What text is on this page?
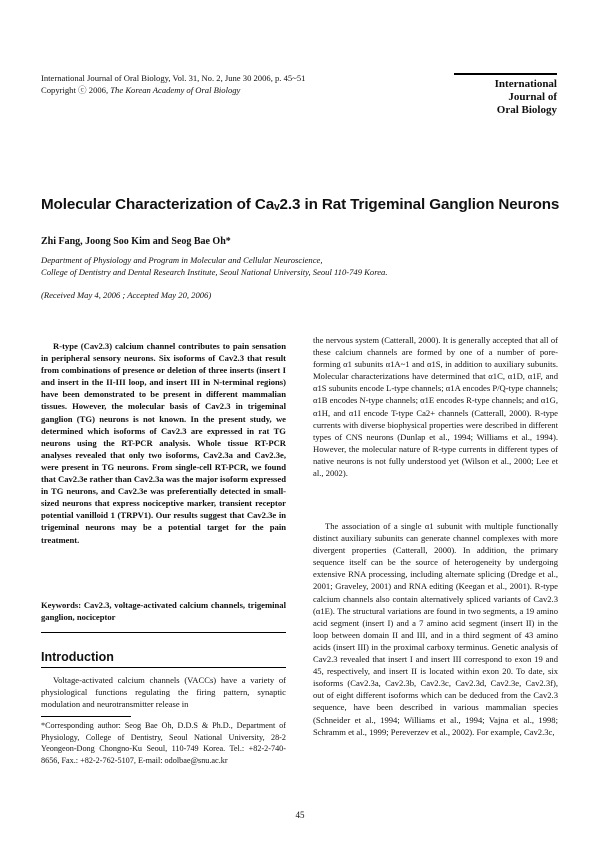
International Journal of Oral Biology, Vol. 31, No. 2, June 30 2006, p. 45~51
Copyright ⓒ 2006, The Korean Academy of Oral Biology	International
Journal of
Oral Biology
Molecular Characterization of Caᵥ2.3 in Rat Trigeminal Ganglion Neurons
Zhi Fang, Joong Soo Kim and Seog Bae Oh*
Department of Physiology and Program in Molecular and Cellular Neuroscience,
College of Dentistry and Dental Research Institute, Seoul National University, Seoul 110-749 Korea.
(Received May 4, 2006 ; Accepted May 20, 2006)

R-type (Cav2.3) calcium channel contributes to pain sensation in peripheral sensory neurons. Six isoforms of Cav2.3 that result from combinations of presence or deletion of three inserts (insert I and insert in the II-III loop, and insert III in N-terminal regions) have been demonstrated to be present in different mammalian tissues. However, the molecular basis of Cav2.3 in trigeminal ganglion (TG) neurons is not known. In the present study, we determined which isoforms of Cav2.3 are expressed in rat TG neurons using the RT-PCR analysis. Whole tissue RT-PCR analyses revealed that only two isoforms, Cav2.3a and Cav2.3e, were present in TG neurons. From single-cell RT-PCR, we found that Cav2.3e rather than Cav2.3a was the major isoform expressed in TG neurons, and Cav2.3e was preferentially detected in small-sized neurons that express nociceptive marker, transient receptor potential vanilloid 1 (TRPV1). Our results suggest that Cav2.3e in trigeminal neurons may be a potential target for the pain treatment.

Keywords: Cav2.3, voltage-activated calcium channels, trigeminal ganglion, nociceptor

Introduction

Voltage-activated calcium channels (VACCs) have a variety of physiological functions regulating the firing pattern, synaptic modulation and neurotransmitter release in

*Corresponding author: Seog Bae Oh, D.D.S & Ph.D., Department of Physiology, College of Dentistry, Seoul National University, 28-2 Yeongeon-Dong Chongno-Ku Seoul, 110-749 Korea. Tel.: +82-2-740-8656, Fax.: +82-2-762-5107, E-mail: odolbae@snu.ac.kr

the nervous system (Catterall, 2000). It is generally accepted that all of these calcium channels are formed by one of a number of pore-forming α1 subunits α1A~1 and α1S, in addition to auxiliary subunits. Molecular characterizations have determined that α1C, α1D, α1F, and α1S subunits encode L-type channels; α1A encodes P/Q-type channels; α1B encodes N-type channels; α1E encodes R-type channels; and α1G, α1H, and α1I encode T-type Ca2+ channels (Catterall, 2000). R-type currents with diverse biophysical properties were described in different types of CNS neurons (Dunlap et al., 1994; Williams et al., 1994). However, the molecular nature of R-type currents in different types of native neurons is not fully understood yet (Wilson et al., 2000; Lee et al., 2002).

The association of a single α1 subunit with multiple functionally distinct auxiliary subunits can generate channel complexes with more divergent properties (Catterall, 2000). In addition, the primary sequence itself can be the source of heterogeneity by undergoing extensive RNA processing, including alternate splicing (Dredge et al., 2001; Graveley, 2001) and RNA editing (Keegan et al., 2001). R-type calcium channels also contain alternatively spliced variants of Cav2.3 (α1E). The structural variations are found in two segments, a 19 amino acid segment (insert I) and a 7 amino acid segment (insert II) in the loop between domain II and III, and in a third segment of 43 amino acids (insert III) in the proximal carboxy terminus. Genetic analysis of Cav2.3 revealed that insert I and insert III correspond to exon 19 and 45, respectively, and insert II is located within exon 20. To date, six isoforms (Cav2.3a, Cav2.3b, Cav2.3c, Cav2.3d, Cav2.3e, Cav2.3f), out of eight different isoforms which can be deduced from the Cav2.3 sequence, have been described in various mammalian species (Schneider et al., 1994; Williams et al., 1994; Vajna et al., 1998; Schramm et al., 1999; Pereverzev et al., 2002). For example, Cav2.3c,

45
